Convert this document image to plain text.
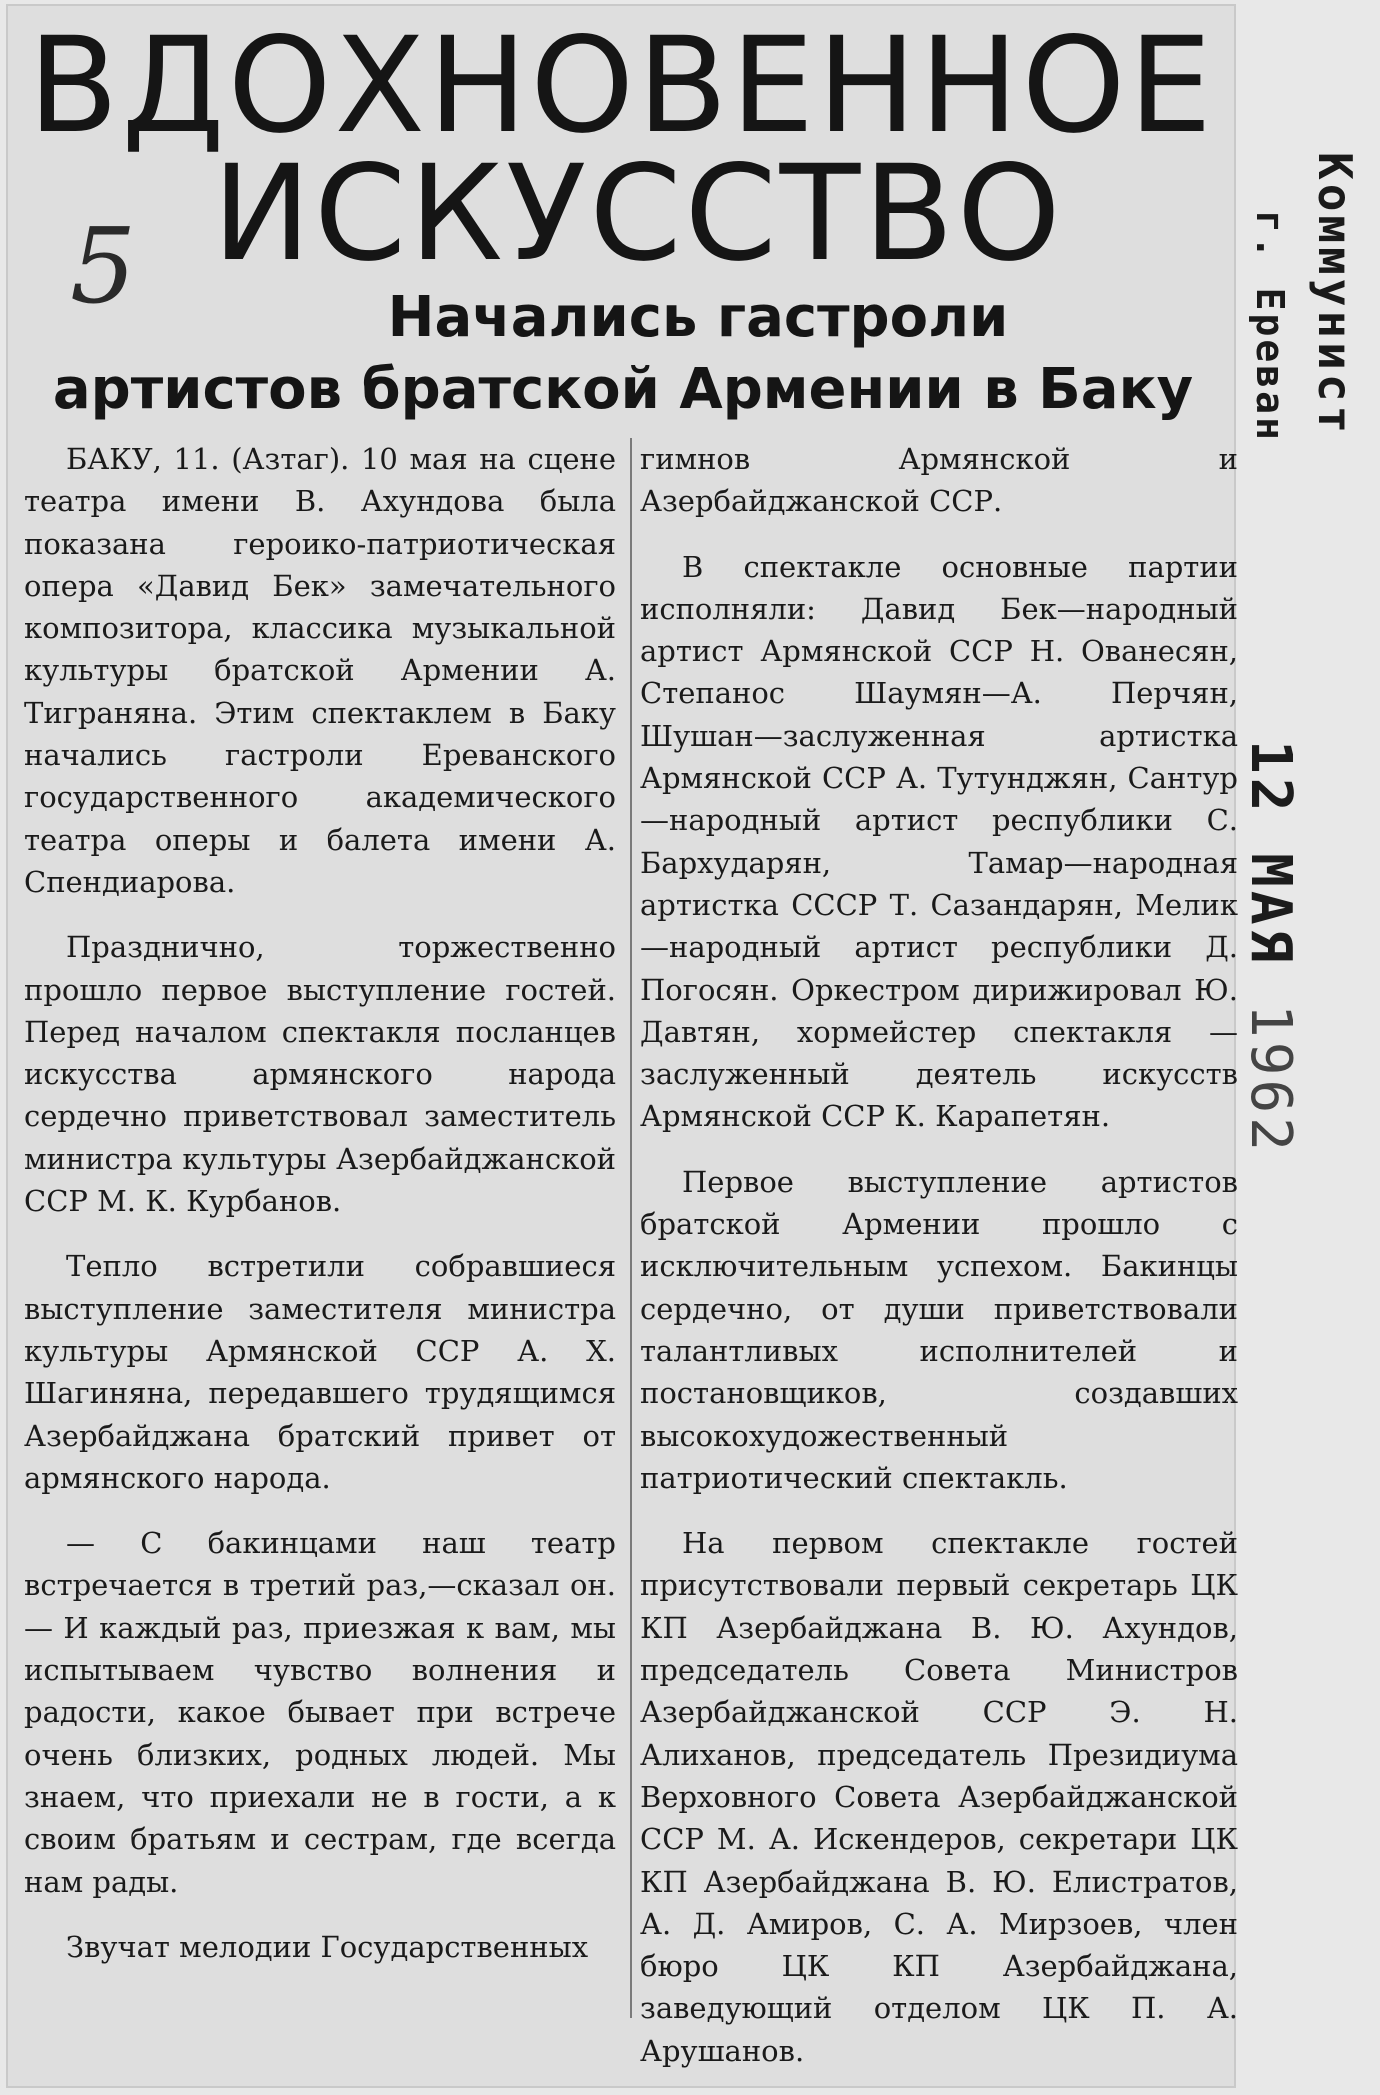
ВДОХНОВЕННОЕ
ИСКУССТВО
5	Начались гастроли
артистов братской Армении в Баку	Коммунист
г. Ереван
12 МАЯ 1962

БАКУ, 11. (Азтаг). 10 мая на сцене театра имени В. Ахундова была показана героико-патриотическая опера «Давид Бек» замечательного композитора, классика музыкальной культуры братской Армении А. Тиграняна. Этим спектаклем в Баку начались гастроли Ереванского государственного академического театра оперы и балета имени А. Спендиарова.

Празднично, торжественно прошло первое выступление гостей. Перед началом спектакля посланцев искусства армянского народа сердечно приветствовал заместитель министра культуры Азербайджанской ССР М. К. Курбанов.

Тепло встретили собравшиеся выступление заместителя министра культуры Армянской ССР А. Х. Шагиняна, передавшего трудящимся Азербайджана братский привет от армянского народа.

— С бакинцами наш театр встречается в третий раз,—сказал он.— И каждый раз, приезжая к вам, мы испытываем чувство волнения и радости, какое бывает при встрече очень близких, родных людей. Мы знаем, что приехали не в гости, а к своим братьям и сестрам, где всегда нам рады.

Звучат мелодии Государственных

гимнов Армянской и Азербайджанской ССР.

В спектакле основные партии исполняли: Давид Бек—народный артист Армянской ССР Н. Ованесян, Степанос Шаумян—А. Перчян, Шушан—заслуженная артистка Армянской ССР А. Тутунджян, Сантур—народный артист республики С. Бархударян, Тамар—народная артистка СССР Т. Сазандарян, Мелик—народный артист республики Д. Погосян. Оркестром дирижировал Ю. Давтян, хормейстер спектакля — заслуженный деятель искусств Армянской ССР К. Карапетян.

Первое выступление артистов братской Армении прошло с исключительным успехом. Бакинцы сердечно, от души приветствовали талантливых исполнителей и постановщиков, создавших высокохудожественный патриотический спектакль.

На первом спектакле гостей присутствовали первый секретарь ЦК КП Азербайджана В. Ю. Ахундов, председатель Совета Министров Азербайджанской ССР Э. Н. Алиханов, председатель Президиума Верховного Совета Азербайджанской ССР М. А. Искендеров, секретари ЦК КП Азербайджана В. Ю. Елистратов, А. Д. Амиров, С. А. Мирзоев, член бюро ЦК КП Азербайджана, заведующий отделом ЦК П. А. Арушанов.
